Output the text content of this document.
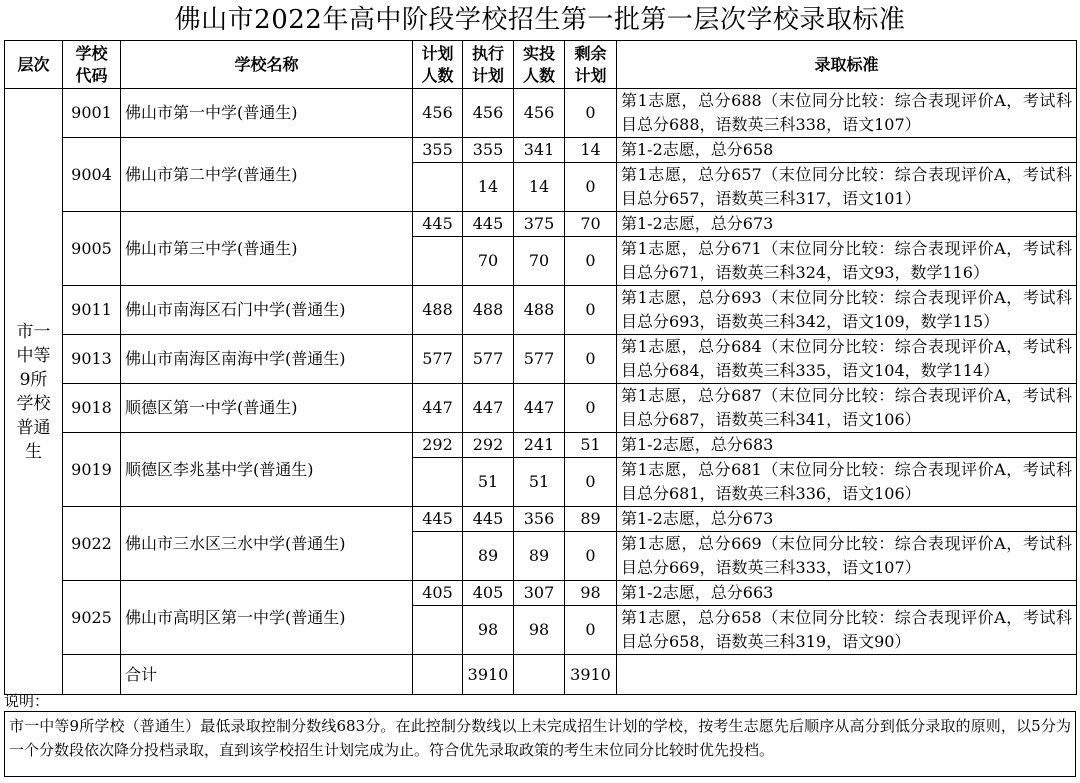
佛山市2022年高中阶段学校招生第一批第一层次学校录取标准
层次	学校代码	学校名称	计划人数	执行计划	实投人数	剩余计划	录取标准	
市一中等9所学校普通生	9001	佛山市第一中学(普通生)	456	456	456	0	第1志愿，总分688（末位同分比较：综合表现评价A，考试科目总分688，语数英三科338，语文107）	
	9004	佛山市第二中学(普通生)	355	355	341	14	第1-2志愿，总分658	
				14	14	0	第1志愿，总分657（末位同分比较：综合表现评价A，考试科目总分657，语数英三科317，语文101）	
	9005	佛山市第三中学(普通生)	445	445	375	70	第1-2志愿，总分673	
				70	70	0	第1志愿，总分671（末位同分比较：综合表现评价A，考试科目总分671，语数英三科324，语文93，数学116）	
	9011	佛山市南海区石门中学(普通生)	488	488	488	0	第1志愿，总分693（末位同分比较：综合表现评价A，考试科目总分693，语数英三科342，语文109，数学115）	
	9013	佛山市南海区南海中学(普通生)	577	577	577	0	第1志愿，总分684（末位同分比较：综合表现评价A，考试科目总分684，语数英三科335，语文104，数学114）	
	9018	顺德区第一中学(普通生)	447	447	447	0	第1志愿，总分687（末位同分比较：综合表现评价A，考试科目总分687，语数英三科341，语文106）	
	9019	顺德区李兆基中学(普通生)	292	292	241	51	第1-2志愿，总分683	
				51	51	0	第1志愿，总分681（末位同分比较：综合表现评价A，考试科目总分681，语数英三科336，语文106）	
	9022	佛山市三水区三水中学(普通生)	445	445	356	89	第1-2志愿，总分673	
				89	89	0	第1志愿，总分669（末位同分比较：综合表现评价A，考试科目总分669，语数英三科333，语文107）	
	9025	佛山市高明区第一中学(普通生)	405	405	307	98	第1-2志愿，总分663	
				98	98	0	第1志愿，总分658（末位同分比较：综合表现评价A，考试科目总分658，语数英三科319，语文90）	
		合计		3910		3910		
说明：
市一中等9所学校（普通生）最低录取控制分数线683分。在此控制分数线以上未完成招生计划的学校，按考生志愿先后顺序从高分到低分录取的原则，以5分为一个分数段依次降分投档录取，直到该学校招生计划完成为止。符合优先录取政策的考生末位同分比较时优先投档。
